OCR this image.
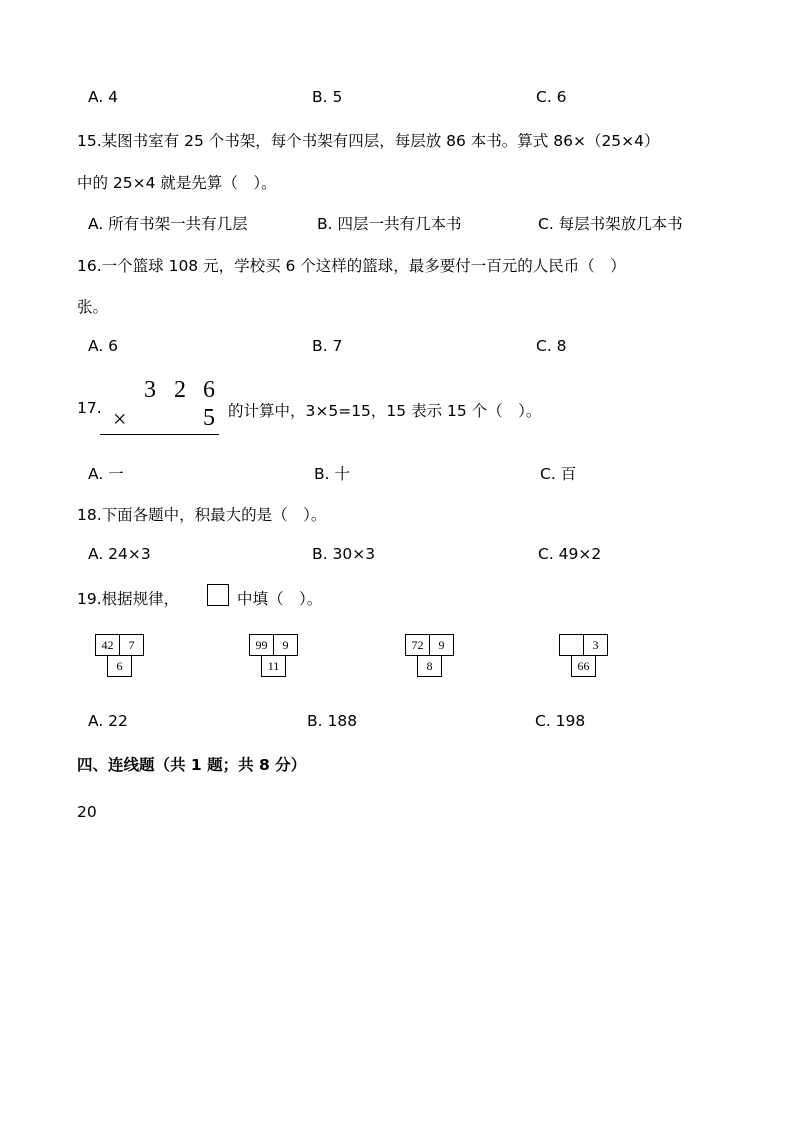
A. 4	B. 5	C. 6
15.某图书室有 25 个书架，每个书架有四层，每层放 86 本书。算式 86×（25×4）
中的 25×4 就是先算（　）。
A. 所有书架一共有几层	B. 四层一共有几本书	C. 每层书架放几本书
16.一个篮球 108 元，学校买 6 个这样的篮球，最多要付一百元的人民币（　）
张。
A. 6	B. 7	C. 8
17.
3 2 6
×	5 的计算中，3×5=15，15 表示 15 个（　）。
A. 一	B. 十	C. 百
18.下面各题中，积最大的是（　）。
A. 24×3	B. 30×3	C. 49×2
19.根据规律，	中填（　）。
42	7
6
99	9
11
72	9
8
3
66
A. 22	B. 188	C. 198
四、连线题（共 1 题；共 8 分）
20
